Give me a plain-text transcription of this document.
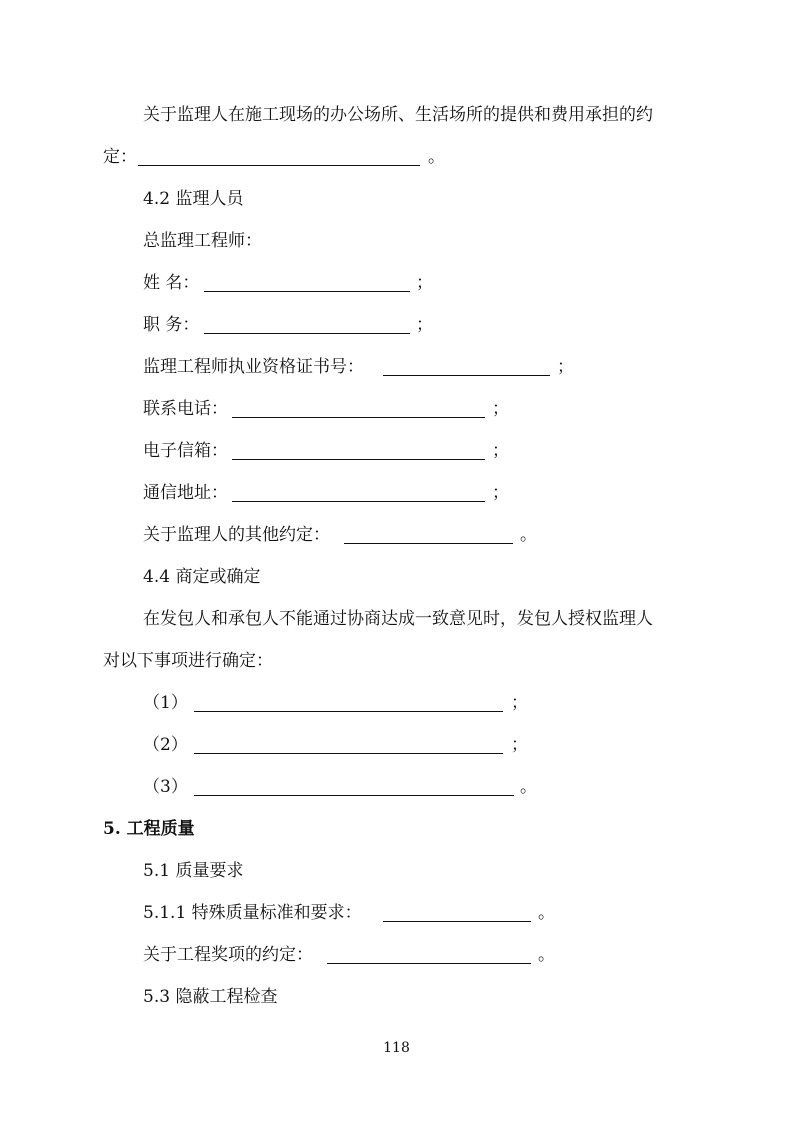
关于监理人在施工现场的办公场所、生活场所的提供和费用承担的约
定：	。
4.2 监理人员
总监理工程师：
姓 名：	；
职 务：	；
监理工程师执业资格证书号：	；
联系电话：	；
电子信箱：	；
通信地址：	；
关于监理人的其他约定：	。
4.4 商定或确定
在发包人和承包人不能通过协商达成一致意见时，发包人授权监理人
对以下事项进行确定：
（1）	；
（2）	；
（3）	。
5. 工程质量
5.1 质量要求
5.1.1 特殊质量标准和要求：	。
关于工程奖项的约定：	。
5.3 隐蔽工程检查
118
